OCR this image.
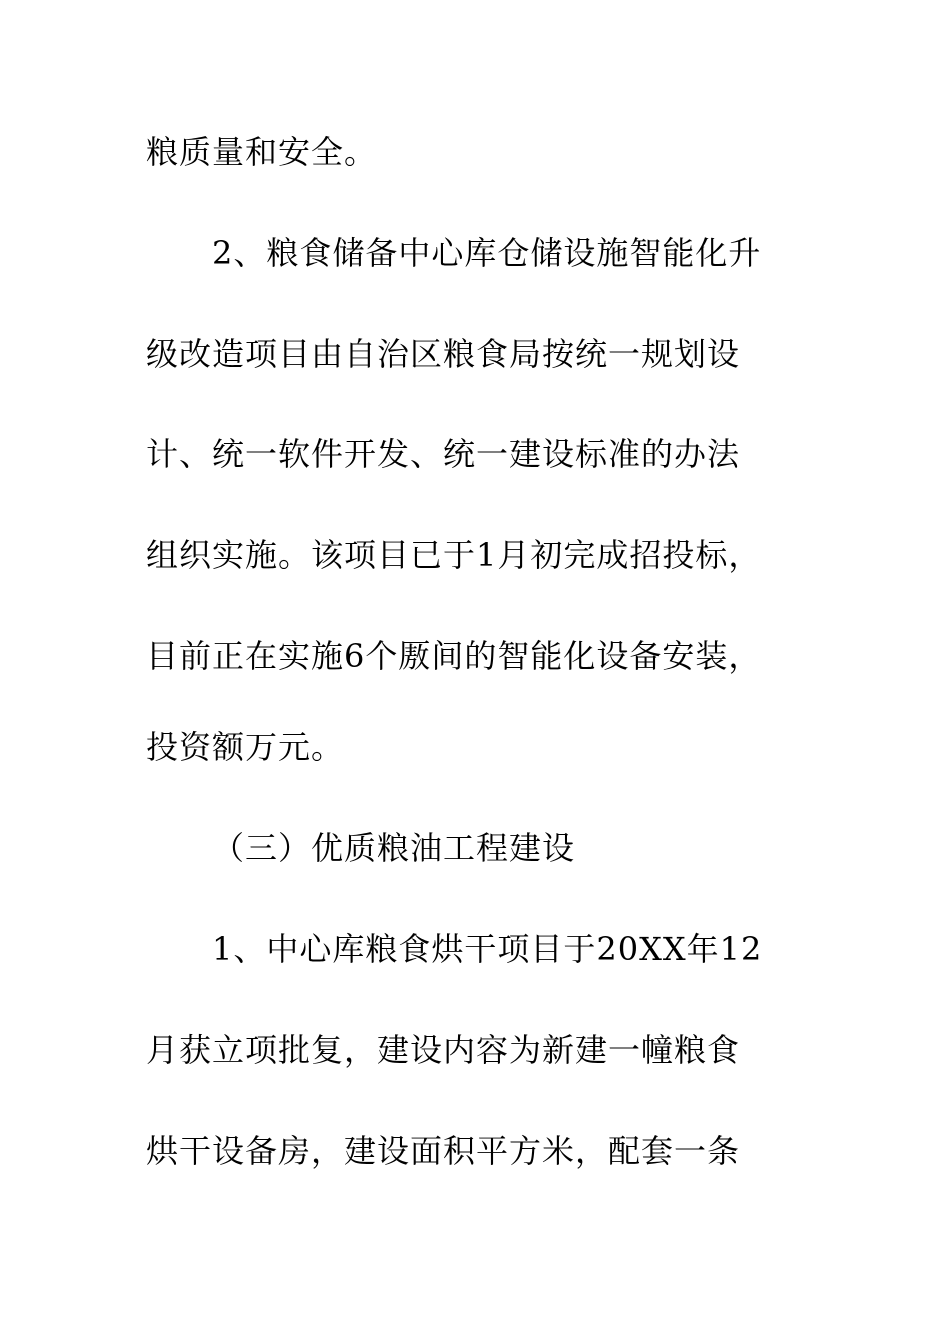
粮质量和安全。

2、粮食储备中心库仓储设施智能化升

级改造项目由自治区粮食局按统一规划设

计、统一软件开发、统一建设标准的办法

组织实施。该项目已于1月初完成招投标，

目前正在实施6个厫间的智能化设备安装，

投资额万元。

（三）优质粮油工程建设

1、中心库粮食烘干项目于20XX年12

月获立项批复，建设内容为新建一幢粮食

烘干设备房，建设面积平方米，配套一条
